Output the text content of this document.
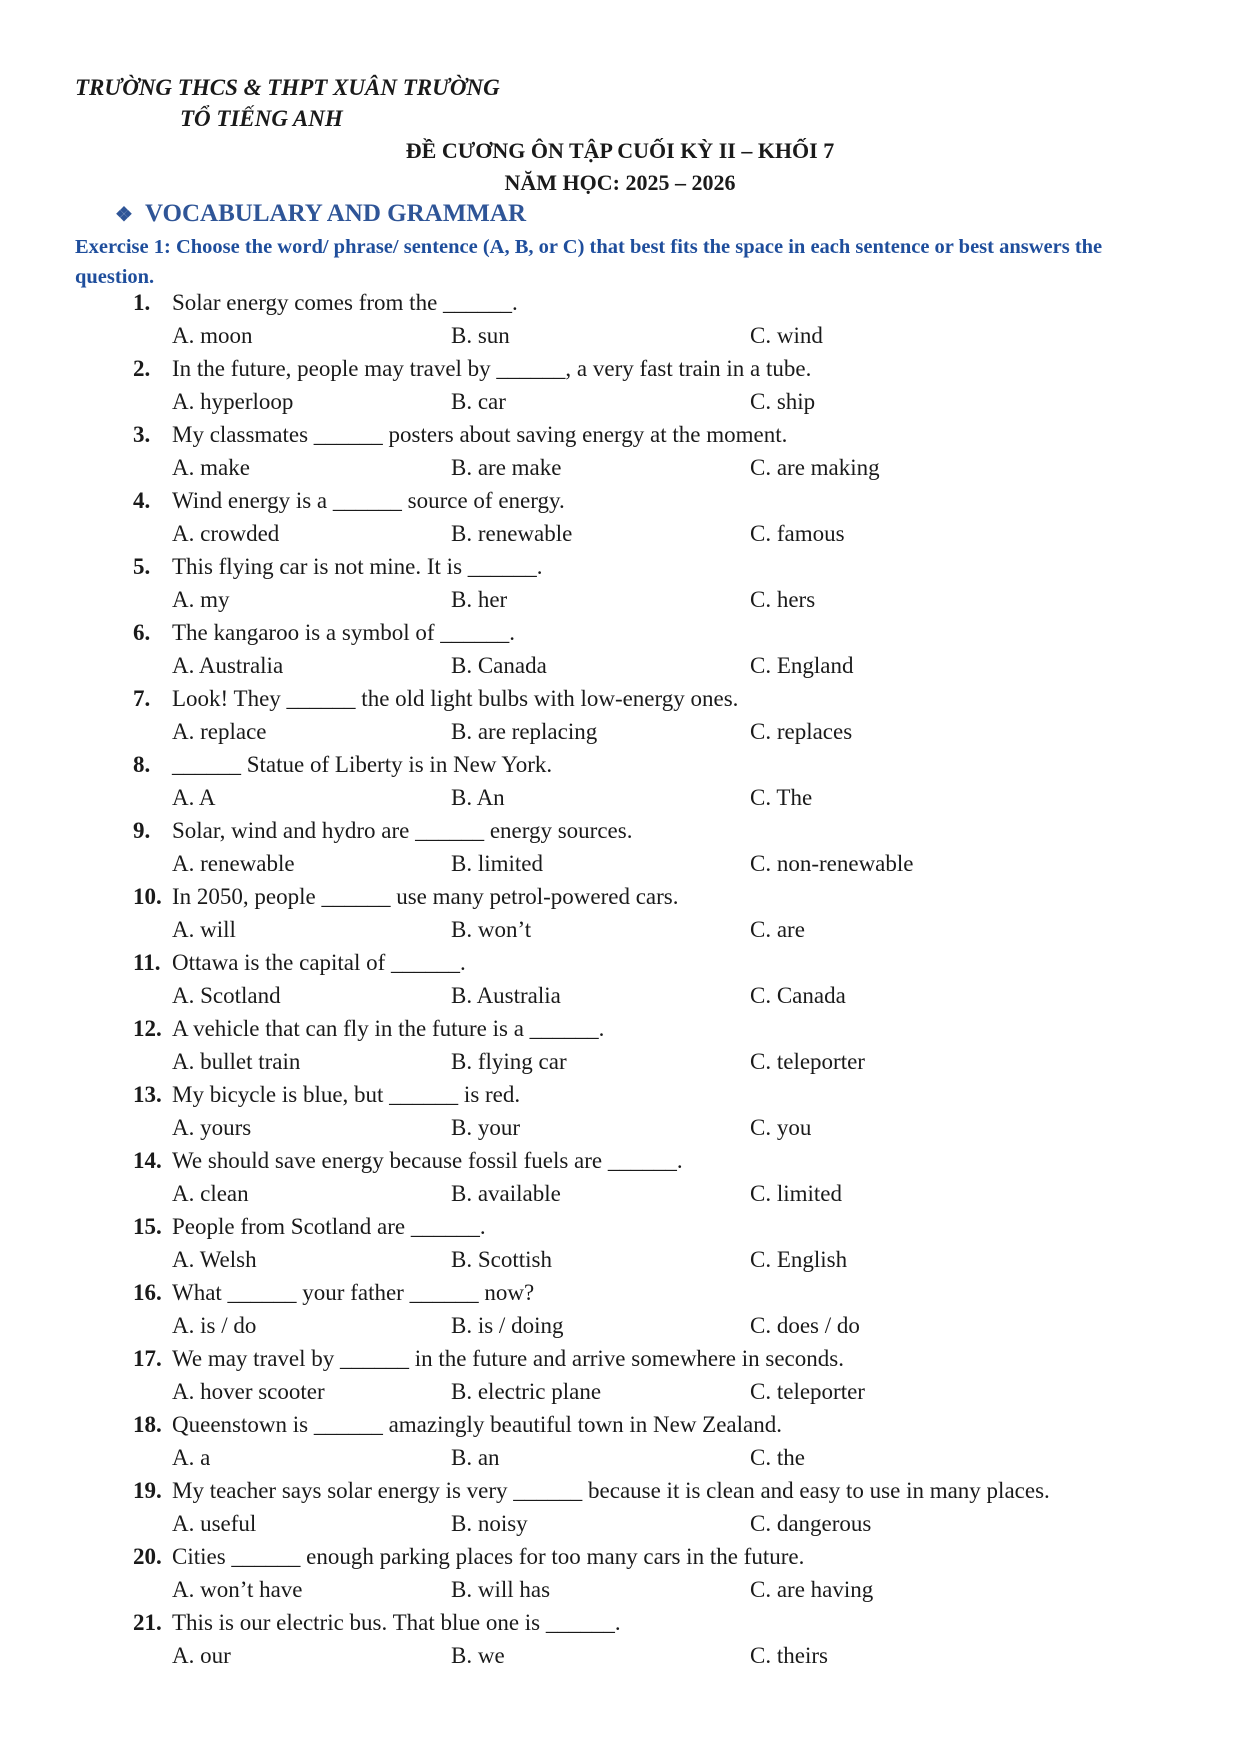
TRƯỜNG THCS & THPT XUÂN TRƯỜNG
TỔ TIẾNG ANH
ĐỀ CƯƠNG ÔN TẬP CUỐI KỲ II – KHỐI 7
NĂM HỌC: 2025 – 2026
❖ VOCABULARY AND GRAMMAR
Exercise 1: Choose the word/ phrase/ sentence (A, B, or C) that best fits the space in each sentence or best answers the question.
1. Solar energy comes from the ______.
A. moon	B. sun	C. wind
2. In the future, people may travel by ______, a very fast train in a tube.
A. hyperloop	B. car	C. ship
3. My classmates ______ posters about saving energy at the moment.
A. make	B. are make	C. are making
4. Wind energy is a ______ source of energy.
A. crowded	B. renewable	C. famous
5. This flying car is not mine. It is ______.
A. my	B. her	C. hers
6. The kangaroo is a symbol of ______.
A. Australia	B. Canada	C. England
7. Look! They ______ the old light bulbs with low-energy ones.
A. replace	B. are replacing	C. replaces
8. ______ Statue of Liberty is in New York.
A. A	B. An	C. The
9. Solar, wind and hydro are ______ energy sources.
A. renewable	B. limited	C. non-renewable
10. In 2050, people ______ use many petrol-powered cars.
A. will	B. won’t	C. are
11. Ottawa is the capital of ______.
A. Scotland	B. Australia	C. Canada
12. A vehicle that can fly in the future is a ______.
A. bullet train	B. flying car	C. teleporter
13. My bicycle is blue, but ______ is red.
A. yours	B. your	C. you
14. We should save energy because fossil fuels are ______.
A. clean	B. available	C. limited
15. People from Scotland are ______.
A. Welsh	B. Scottish	C. English
16. What ______ your father ______ now?
A. is / do	B. is / doing	C. does / do
17. We may travel by ______ in the future and arrive somewhere in seconds.
A. hover scooter	B. electric plane	C. teleporter
18. Queenstown is ______ amazingly beautiful town in New Zealand.
A. a	B. an	C. the
19. My teacher says solar energy is very ______ because it is clean and easy to use in many places.
A. useful	B. noisy	C. dangerous
20. Cities ______ enough parking places for too many cars in the future.
A. won’t have	B. will has	C. are having
21. This is our electric bus. That blue one is ______.
A. our	B. we	C. theirs
